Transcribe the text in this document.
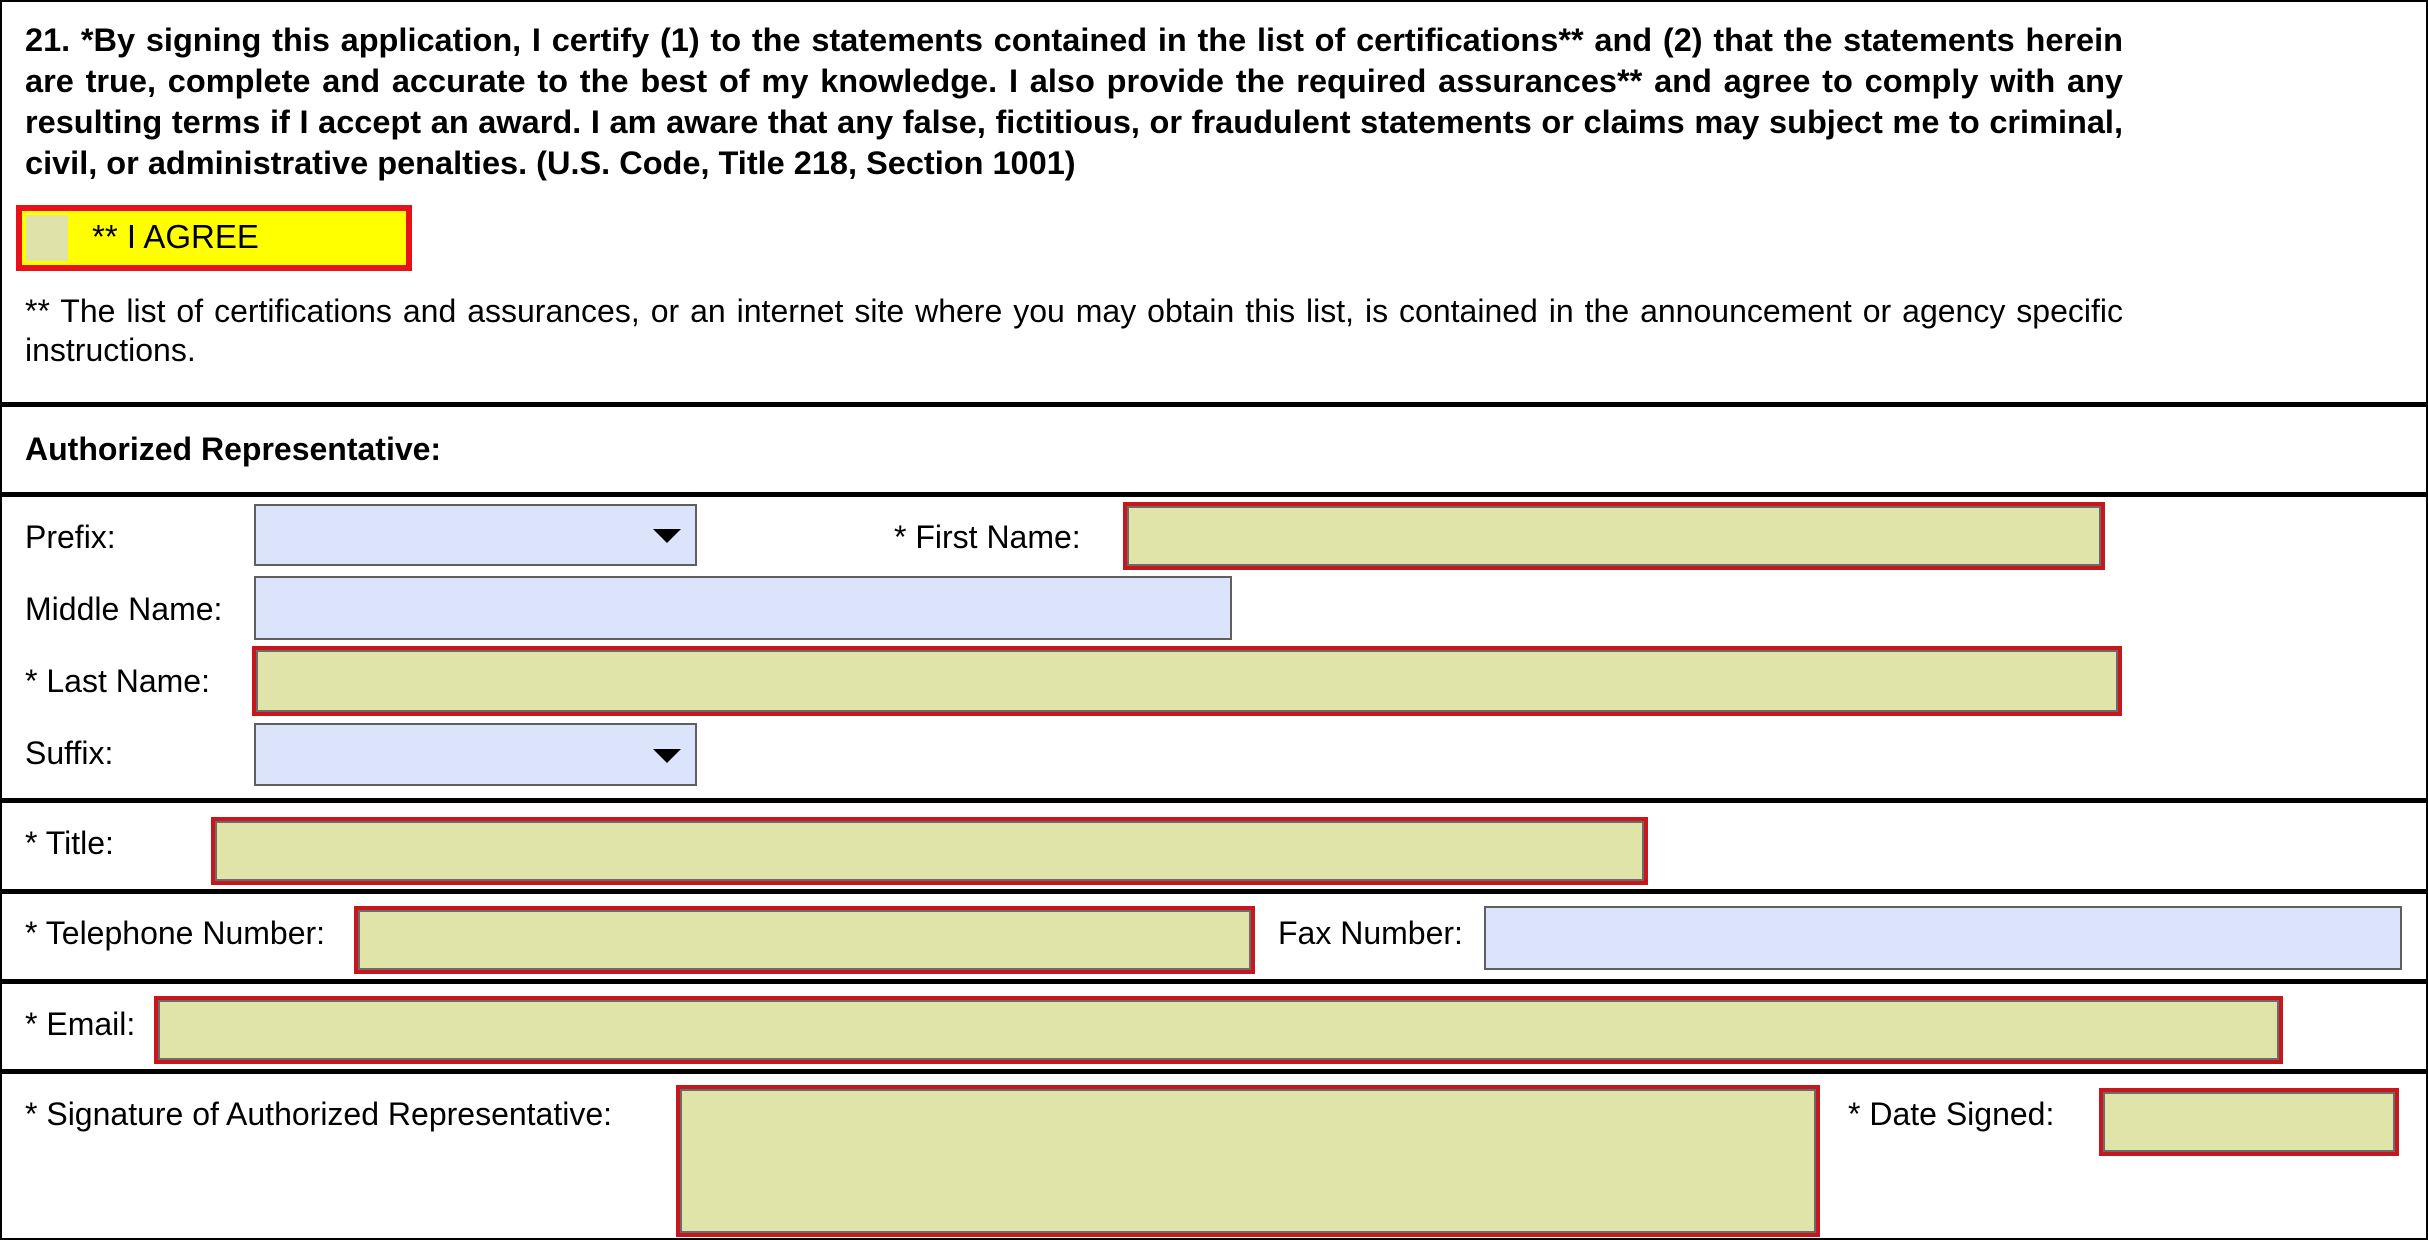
21. *By signing this application, I certify (1) to the statements contained in the list of certifications** and (2) that the statements herein are true, complete and accurate to the best of my knowledge. I also provide the required assurances** and agree to comply with any resulting terms if I accept an award. I am aware that any false, fictitious, or fraudulent statements or claims may subject me to criminal, civil, or administrative penalties. (U.S. Code, Title 218, Section 1001)
** I AGREE
** The list of certifications and assurances, or an internet site where you may obtain this list, is contained in the announcement or agency specific instructions.
Authorized Representative:
Prefix:	* First Name:
Middle Name:
* Last Name:
Suffix:
* Title:
* Telephone Number:	Fax Number:
* Email:
* Signature of Authorized Representative:	* Date Signed:
